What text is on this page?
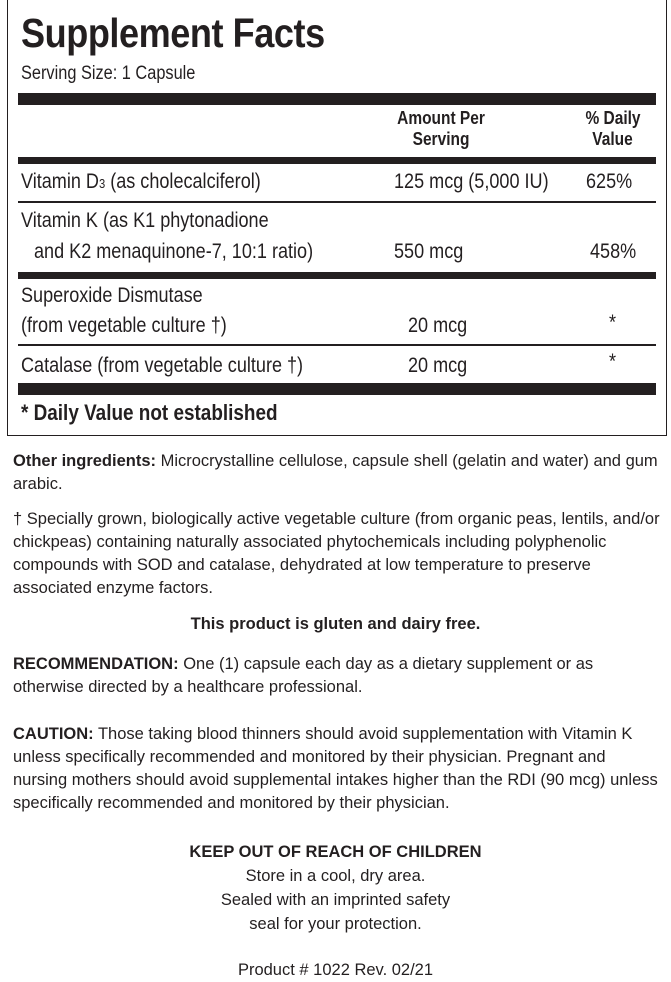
Supplement Facts
Serving Size: 1 Capsule
Amount Per
Serving
% Daily
Value
Vitamin D3 (as cholecalciferol)	125 mcg (5,000 IU)	625%
Vitamin K (as K1 phytonadione
and K2 menaquinone-7, 10:1 ratio)	550 mcg	458%
Superoxide Dismutase
(from vegetable culture †)	20 mcg	*
Catalase (from vegetable culture †)	20 mcg	*
* Daily Value not established
Other ingredients: Microcrystalline cellulose, capsule shell (gelatin and water) and gum arabic.
† Specially grown, biologically active vegetable culture (from organic peas, lentils, and/or chickpeas) containing naturally associated phytochemicals including polyphenolic compounds with SOD and catalase, dehydrated at low temperature to preserve associated enzyme factors.
This product is gluten and dairy free.
RECOMMENDATION: One (1) capsule each day as a dietary supplement or as otherwise directed by a healthcare professional.
CAUTION: Those taking blood thinners should avoid supplementation with Vitamin K unless specifically recommended and monitored by their physician. Pregnant and nursing mothers should avoid supplemental intakes higher than the RDI (90 mcg) unless specifically recommended and monitored by their physician.
KEEP OUT OF REACH OF CHILDREN
Store in a cool, dry area.
Sealed with an imprinted safety
seal for your protection.
Product # 1022 Rev. 02/21
